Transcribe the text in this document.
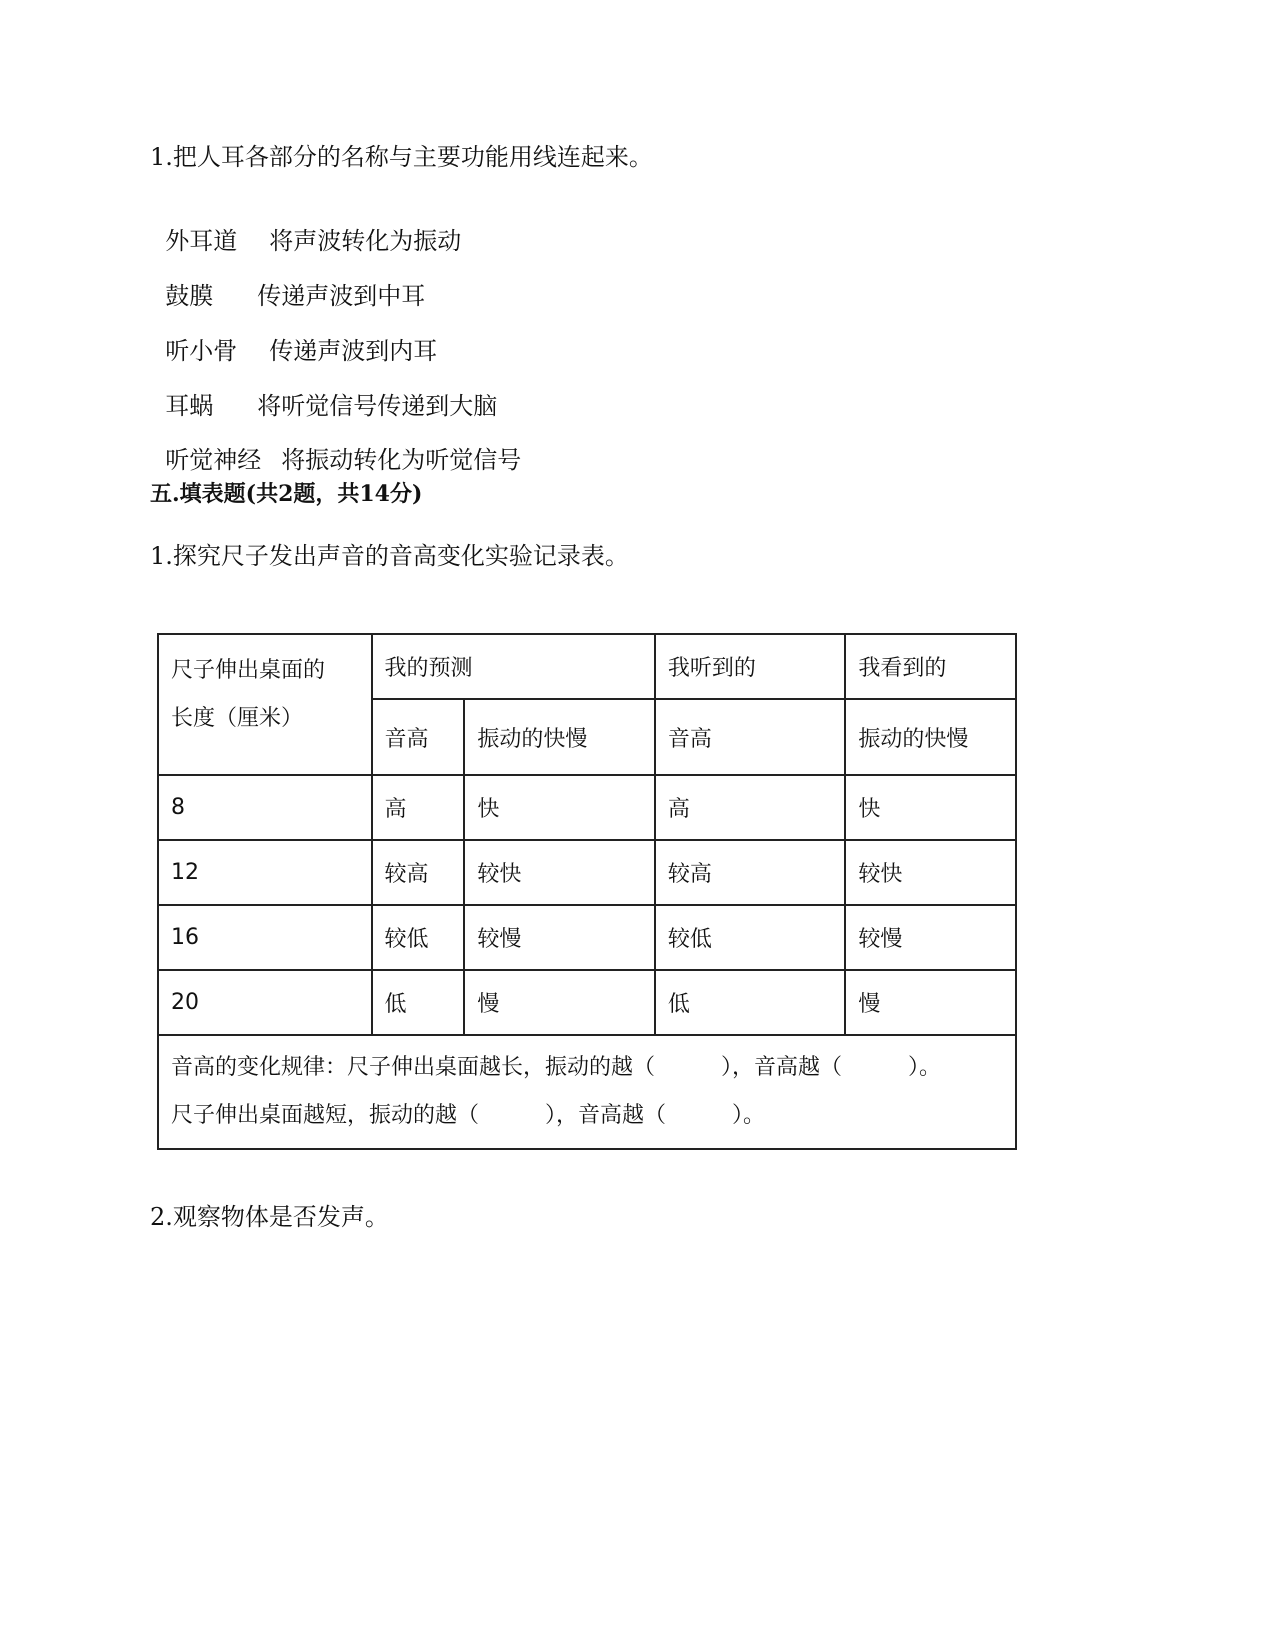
1.把人耳各部分的名称与主要功能用线连起来。

外耳道 将声波转化为振动

鼓膜 传递声波到中耳

听小骨 传递声波到内耳

耳蜗 将听觉信号传递到大脑

听觉神经 将振动转化为听觉信号

五.填表题(共2题，共14分)
1.探究尺子发出声音的音高变化实验记录表。
尺子伸出桌面的
长度（厘米）	我的预测		我听到的	我看到的
	音高	振动的快慢	音高	振动的快慢
8	高	快	高	快
12	较高	较快	较高	较快
16	较低	较慢	较低	较慢
20	低	慢	低	慢

音高的变化规律：尺子伸出桌面越长，振动的越（　　　），音高越（　　　）。
尺子伸出桌面越短，振动的越（　　　），音高越（　　　）。				
2.观察物体是否发声。
